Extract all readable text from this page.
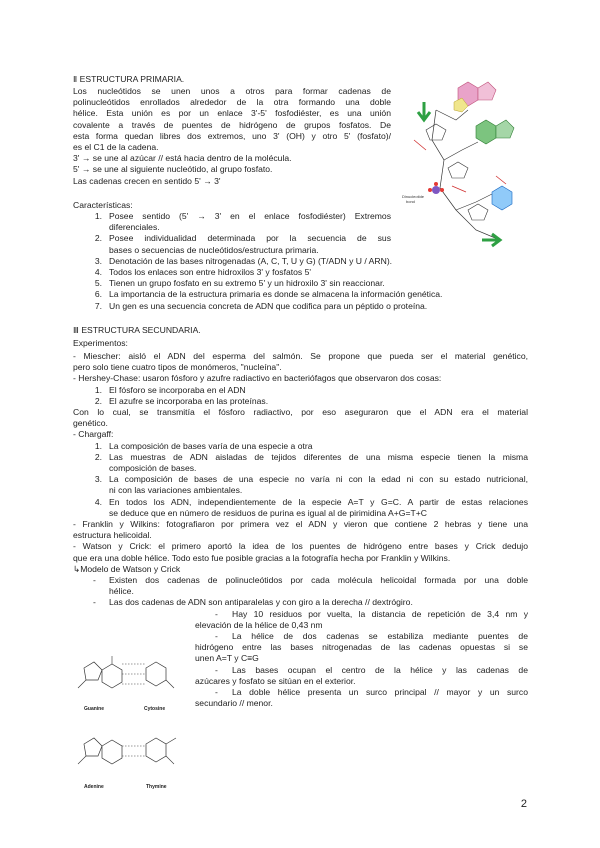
Ⅱ ESTRUCTURA PRIMARIA.
Los nucleótidos se unen unos a otros para formar cadenas de
polinucleótidos enrollados alrededor de la otra formando una doble
hélice. Esta unión es por un enlace 3'-5' fosfodiéster, es una unión
covalente a través de puentes de hidrógeno de grupos fosfatos. De
esta forma quedan libres dos extremos, uno 3' (OH) y otro 5' (fosfato)/
es el C1 de la cadena.
3' → se une al azúcar // está hacia dentro de la molécula.
5' → se une al siguiente nucleótido, al grupo fosfato.
Las cadenas crecen en sentido 5' → 3'
Características:
1. Posee sentido (5' → 3' en el enlace fosfodiéster) Extremos
diferenciales.
2. Posee individualidad determinada por la secuencia de sus
bases o secuencias de nucleótidos/estructura primaria.
3. Denotación de las bases nitrogenadas (A, C, T, U y G) (T/ADN y U / ARN).
4. Todos los enlaces son entre hidroxilos 3' y fosfatos 5'
5. Tienen un grupo fosfato en su extremo 5' y un hidroxilo 3' sin reaccionar.
6. La importancia de la estructura primaria es donde se almacena la información genética.
7. Un gen es una secuencia concreta de ADN que codifica para un péptido o proteína.
Dinucleotide
bond
Ⅲ ESTRUCTURA SECUNDARIA.
Experimentos:
- Miescher: aisló el ADN del esperma del salmón. Se propone que pueda ser el material genético,
pero solo tiene cuatro tipos de monómeros, "nucleína".
- Hershey-Chase: usaron fósforo y azufre radiactivo en bacteriófagos que observaron dos cosas:
1. El fósforo se incorporaba en el ADN
2. El azufre se incorporaba en las proteínas.
Con lo cual, se transmitía el fósforo radiactivo, por eso aseguraron que el ADN era el material
genético.
- Chargaff:
1. La composición de bases varía de una especie a otra
2. Las muestras de ADN aisladas de tejidos diferentes de una misma especie tienen la misma
composición de bases.
3. La composición de bases de una especie no varía ni con la edad ni con su estado nutricional,
ni con las variaciones ambientales.
4. En todos los ADN, independientemente de la especie A=T y G=C. A partir de estas relaciones
se deduce que en número de residuos de purina es igual al de pirimidina A+G=T+C
- Franklin y Wilkins: fotografiaron por primera vez el ADN y vieron que contiene 2 hebras y tiene una
estructura helicoidal.
- Watson y Crick: el primero aportó la idea de los puentes de hidrógeno entre bases y Crick dedujo
que era una doble hélice. Todo esto fue posible gracias a la fotografía hecha por Franklin y Wilkins.
↳Modelo de Watson y Crick
- Existen dos cadenas de polinucleótidos por cada molécula helicoidal formada por una doble
hélice.
- Las dos cadenas de ADN son antiparalelas y con giro a la derecha // dextrógiro.
- Hay 10 residuos por vuelta, la distancia de repetición de 3,4 nm y
elevación de la hélice de 0,43 nm
- La hélice de dos cadenas se estabiliza mediante puentes de
hidrógeno entre las bases nitrogenadas de las cadenas opuestas si se
unen A=T y C≡G
- Las bases ocupan el centro de la hélice y las cadenas de
azúcares y fosfato se sitúan en el exterior.
- La doble hélice presenta un surco principal // mayor y un surco
secundario // menor.
Guanine	Cytosine
Adenine	Thymine
2
